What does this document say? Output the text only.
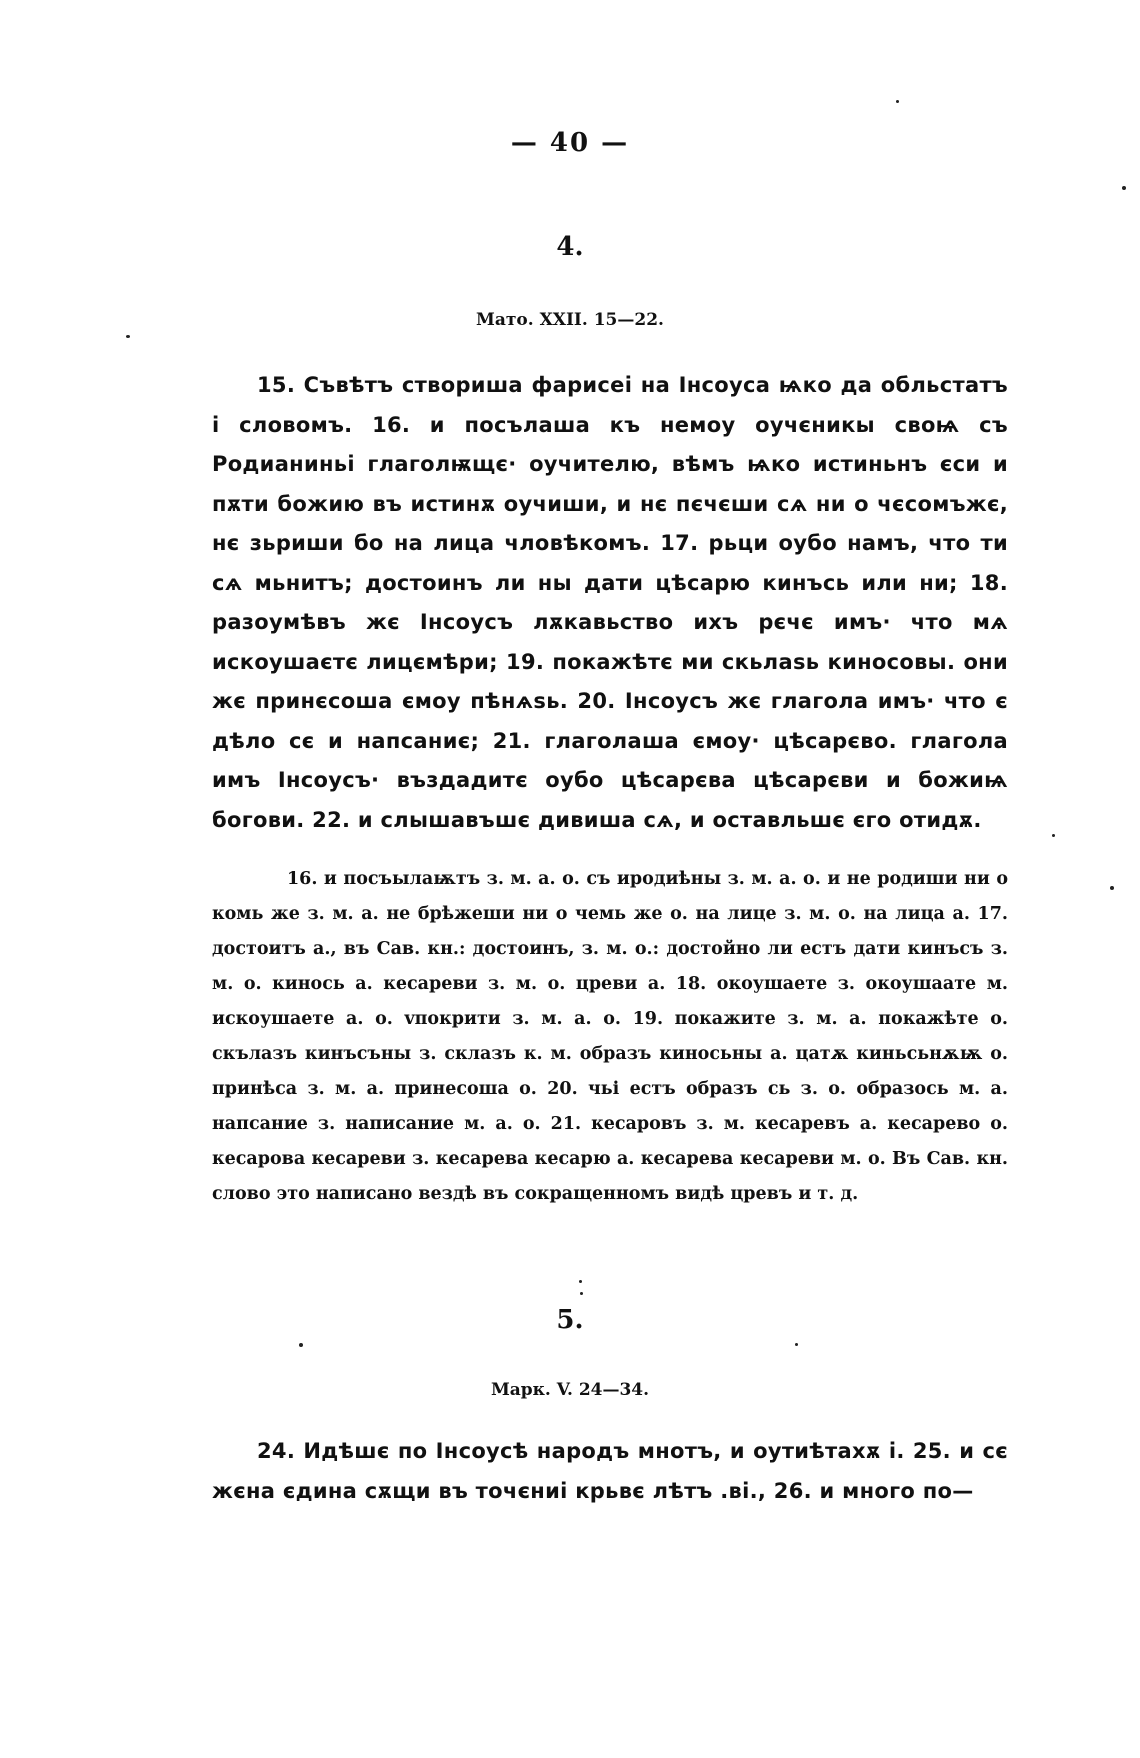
— 40 —
4.
Мато. XXII. 15—22.

15. Съвѣтъ створиша фарисеі на Інсоуса ѩко да обльстатъ і словомъ. 16. и посълаша къ немоу оучєникы своѩ съ Родианиньі глаголѭщє· оучителю, вѣмъ ѩко истиньнъ єси и пѫти божию въ истинѫ оучиши, и нє пєчєши сѧ ни о чєсомъжє, нє зьриши бо на лица чловѣкомъ. 17. рьци оубо намъ, что ти сѧ мьнитъ; достоинъ ли ны дати цѣсарю кинъсь или ни; 18. разоумѣвъ жє Інсоусъ лѫкавьство ихъ рєчє имъ· что мѧ искоушаєтє лицємѣри; 19. покажѣтє ми скьлаѕь киносовы. они жє принєсоша ємоу пѣнѧѕь. 20. Інсоусъ жє глагола имъ· что є дѣло сє и напсаниє; 21. глаголаша ємоу· цѣсарєво. глагола имъ Інсоусъ· въздадитє оубо цѣсарєва цѣсарєви и божиѩ богови. 22. и слышавъшє дивиша сѧ, и оставльшє єго отидѫ.

16. и посъылаѭтъ з. м. а. о. съ иродиѣны з. м. а. о. и не родиши ни о комь же з. м. а. не брѣжеши ни о чемь же о. на лице з. м. о. на лица а. 17. достоитъ а., въ Сав. кн.: достоинъ, з. м. о.: достойно ли естъ дати кинъсъ з. м. о. кинось а. кесареви з. м. о. цреви а. 18. окоушаете з. окоушаате м. искоушаете а. о. vпокрити з. м. а. о. 19. покажите з. м. а. покажѣте о. скълазъ кинъсъны з. склазъ к. м. образъ киносьны а. цатѫ киньсьнѫѭ о. принѣса з. м. а. принесоша о. 20. чьі естъ образъ сь з. о. образось м. а. напсание з. написание м. а. о. 21. кесаровъ з. м. кесаревъ а. кесарево о. кесарова кесареви з. кесарева кесарю а. кесарева кесареви м. о. Въ Сав. кн. слово это написано вездѣ въ сокращенномъ видѣ цревъ и т. д.

5.
Марк. V. 24—34.

24. Идѣшє по Інсоусѣ народъ мнотъ, и оутиѣтахѫ і. 25. и сє жєна єдина сѫщи въ точєниі крьвє лѣтъ .ві., 26. и много по—
